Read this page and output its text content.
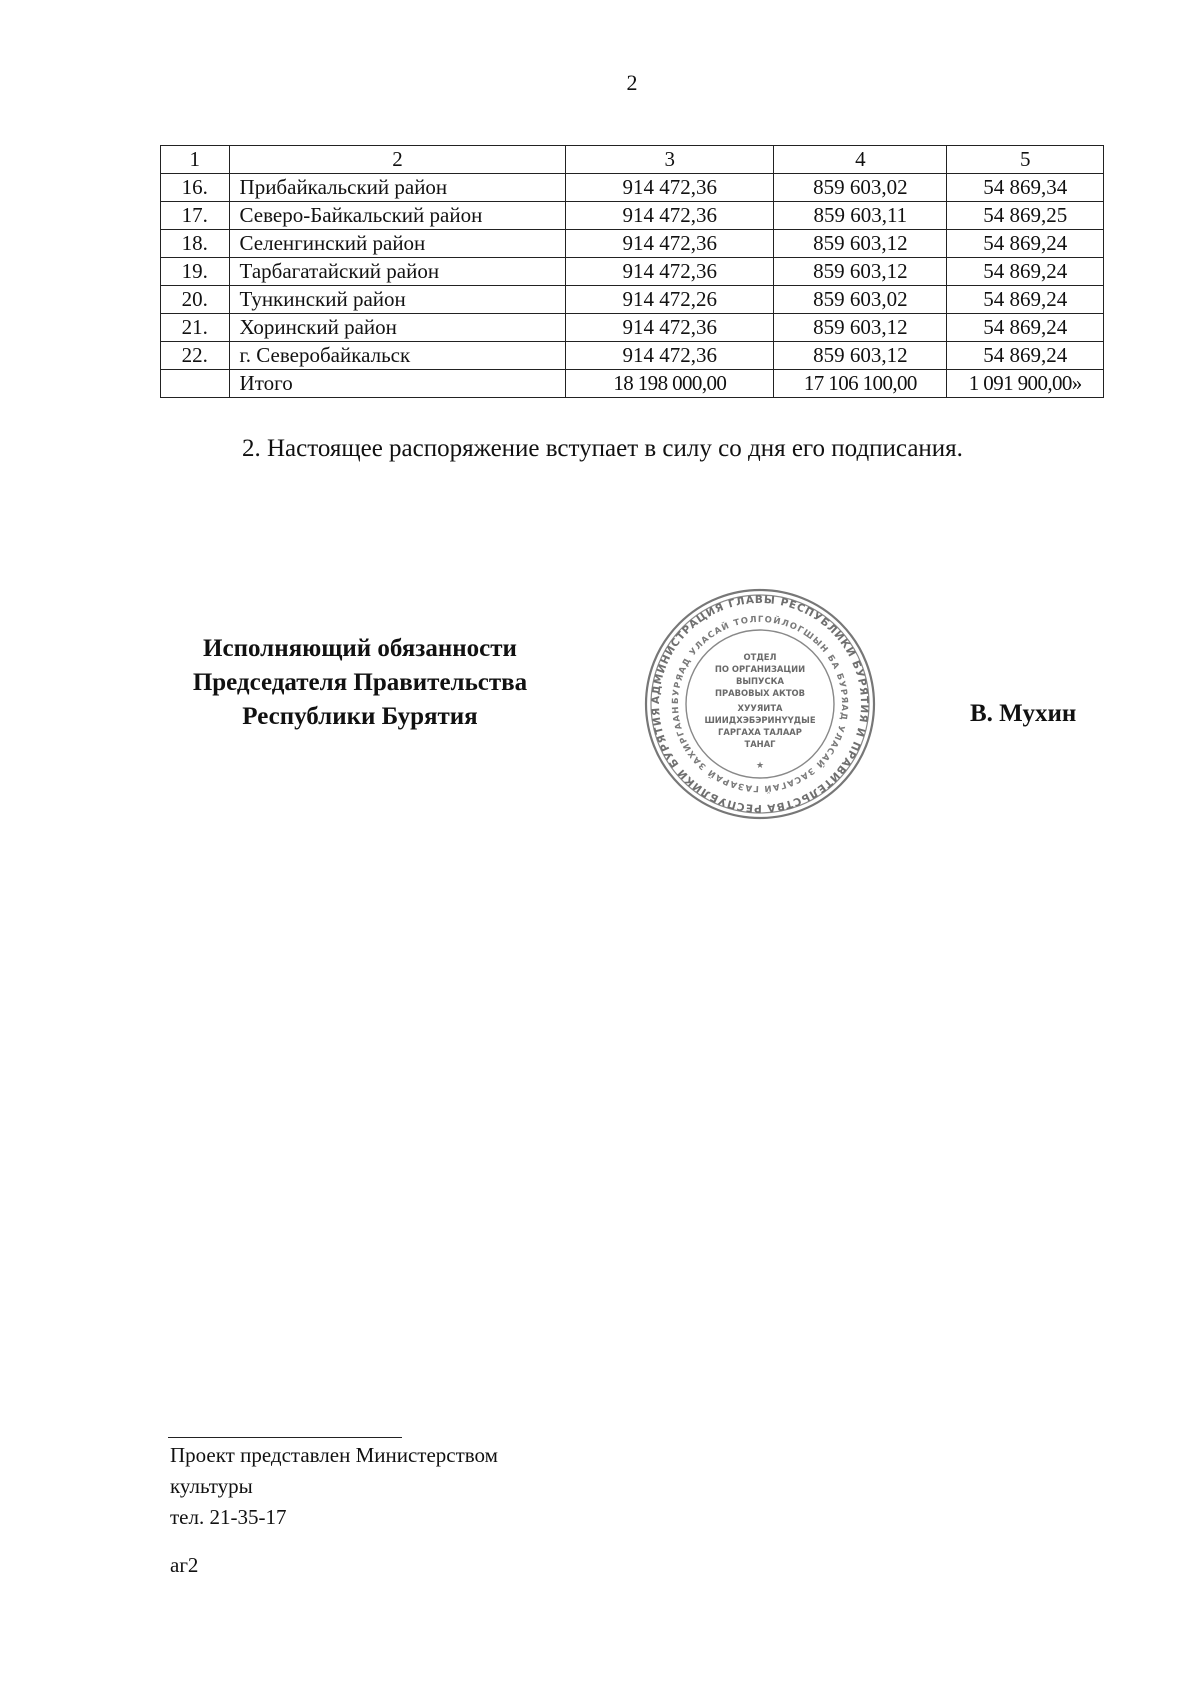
2
1	2	3	4	5
16.	Прибайкальский район	914 472,36	859 603,02	54 869,34
17.	Северо-Байкальский район	914 472,36	859 603,11	54 869,25
18.	Селенгинский район	914 472,36	859 603,12	54 869,24
19.	Тарбагатайский район	914 472,36	859 603,12	54 869,24
20.	Тункинский район	914 472,26	859 603,02	54 869,24
21.	Хоринский район	914 472,36	859 603,12	54 869,24
22.	г. Северобайкальск	914 472,36	859 603,12	54 869,24
	Итого	18 198 000,00	17 106 100,00	1 091 900,00»
2. Настоящее распоряжение вступает в силу со дня его подписания.
Исполняющий обязанности
Председателя Правительства
Республики Бурятия
АДМИНИСТРАЦИЯ ГЛАВЫ РЕСПУБЛИКИ БУРЯТИЯ И ПРАВИТЕЛЬСТВА РЕСПУБЛИКИ БУРЯТИЯ
БУРЯАД УЛАСАЙ ТОЛГОЙЛОГШЫН БА БУРЯАД УЛАСАЙ ЗАСАГАЙ ГАЗАРАЙ ЗАХИРГААН
ОТДЕЛ
ПО ОРГАНИЗАЦИИ
ВЫПУСКА
ПРАВОВЫХ АКТОВ
ХУУЯИТА
ШИИДХЭБЭРИНҮҮДЫЕ
ГАРГАХА ТАЛААР
ТАНАГ
★
В. Мухин
Проект представлен Министерством
культуры
тел. 21-35-17
аг2
